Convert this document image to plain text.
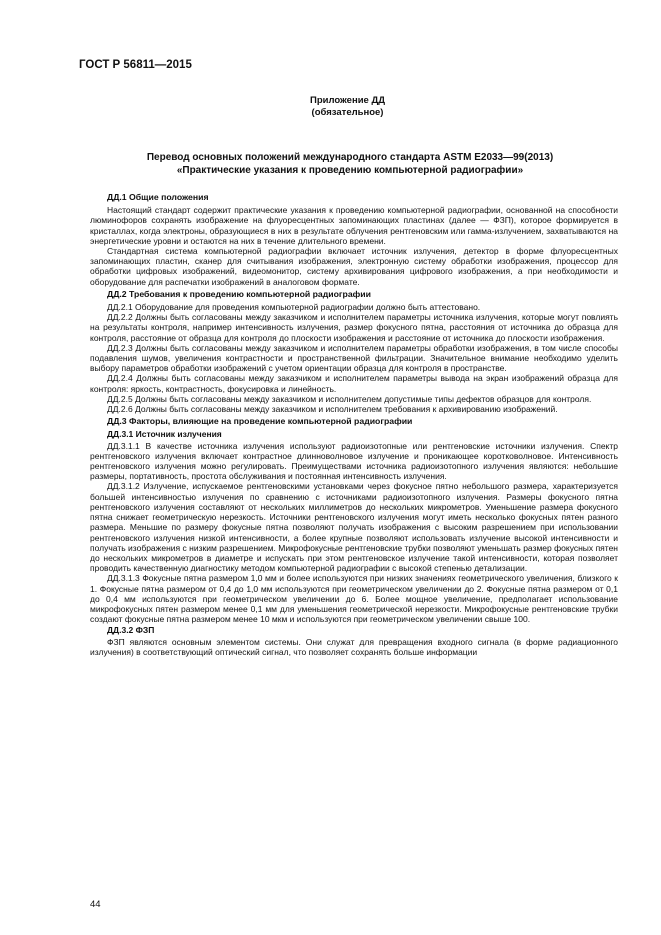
ГОСТ Р 56811—2015
Приложение ДД
(обязательное)
Перевод основных положений международного стандарта ASTM E2033—99(2013)
«Практические указания к проведению компьютерной радиографии»
ДД.1 Общие положения

Настоящий стандарт содержит практические указания к проведению компьютерной радиографии, основанной на способности люминофоров сохранять изображение на флуоресцентных запоминающих пластинах (далее — ФЗП), которое формируется в кристаллах, когда электроны, образующиеся в них в результате облучения рентгеновским или гамма-излучением, захватываются на энергетические уровни и остаются на них в течение длительного времени.

Стандартная система компьютерной радиографии включает источник излучения, детектор в форме флуоресцентных запоминающих пластин, сканер для считывания изображения, электронную систему обработки изображения, процессор для обработки цифровых изображений, видеомонитор, систему архивирования цифрового изображения, а при необходимости и оборудование для распечатки изображений в аналоговом формате.

ДД.2 Требования к проведению компьютерной радиографии

ДД.2.1 Оборудование для проведения компьютерной радиографии должно быть аттестовано.

ДД.2.2 Должны быть согласованы между заказчиком и исполнителем параметры источника излучения, которые могут повлиять на результаты контроля, например интенсивность излучения, размер фокусного пятна, расстояния от источника до образца для контроля, расстояние от образца для контроля до плоскости изображения и расстояние от источника до плоскости изображения.

ДД.2.3 Должны быть согласованы между заказчиком и исполнителем параметры обработки изображения, в том числе способы подавления шумов, увеличения контрастности и пространственной фильтрации. Значительное внимание необходимо уделить выбору параметров обработки изображений с учетом ориентации образца для контроля в пространстве.

ДД.2.4 Должны быть согласованы между заказчиком и исполнителем параметры вывода на экран изображений образца для контроля: яркость, контрастность, фокусировка и линейность.

ДД.2.5 Должны быть согласованы между заказчиком и исполнителем допустимые типы дефектов образцов для контроля.

ДД.2.6 Должны быть согласованы между заказчиком и исполнителем требования к архивированию изображений.

ДД.3 Факторы, влияющие на проведение компьютерной радиографии
ДД.3.1 Источник излучения

ДД.3.1.1 В качестве источника излучения используют радиоизотопные или рентгеновские источники излучения. Спектр рентгеновского излучения включает контрастное длинноволновое излучение и проникающее коротковолновое. Интенсивность рентгеновского излучения можно регулировать. Преимуществами источника радиоизотопного излучения являются: небольшие размеры, портативность, простота обслуживания и постоянная интенсивность излучения.

ДД.3.1.2 Излучение, испускаемое рентгеновскими установками через фокусное пятно небольшого размера, характеризуется большей интенсивностью излучения по сравнению с источниками радиоизотопного излучения. Размеры фокусного пятна рентгеновского излучения составляют от нескольких миллиметров до нескольких микрометров. Уменьшение размера фокусного пятна снижает геометрическую нерезкость. Источники рентгеновского излучения могут иметь несколько фокусных пятен разного размера. Меньшие по размеру фокусные пятна позволяют получать изображения с высоким разрешением при использовании рентгеновского излучения низкой интенсивности, а более крупные позволяют использовать излучение высокой интенсивности и получать изображения с низким разрешением. Микрофокусные рентгеновские трубки позволяют уменьшать размер фокусных пятен до нескольких микрометров в диаметре и испускать при этом рентгеновское излучение такой интенсивности, которая позволяет проводить качественную диагностику методом компьютерной радиографии с высокой степенью детализации.

ДД.3.1.3 Фокусные пятна размером 1,0 мм и более используются при низких значениях геометрического увеличения, близкого к 1. Фокусные пятна размером от 0,4 до 1,0 мм используются при геометрическом увеличении до 2. Фокусные пятна размером от 0,1 до 0,4 мм используются при геометрическом увеличении до 6. Более мощное увеличение, предполагает использование микрофокусных пятен размером менее 0,1 мм для уменьшения геометрической нерезкости. Микрофокусные рентгеновские трубки создают фокусные пятна размером менее 10 мкм и используются при геометрическом увеличении свыше 100.

ДД.3.2 ФЗП

ФЗП являются основным элементом системы. Они служат для превращения входного сигнала (в форме радиационного излучения) в соответствующий оптический сигнал, что позволяет сохранять больше информации

44
